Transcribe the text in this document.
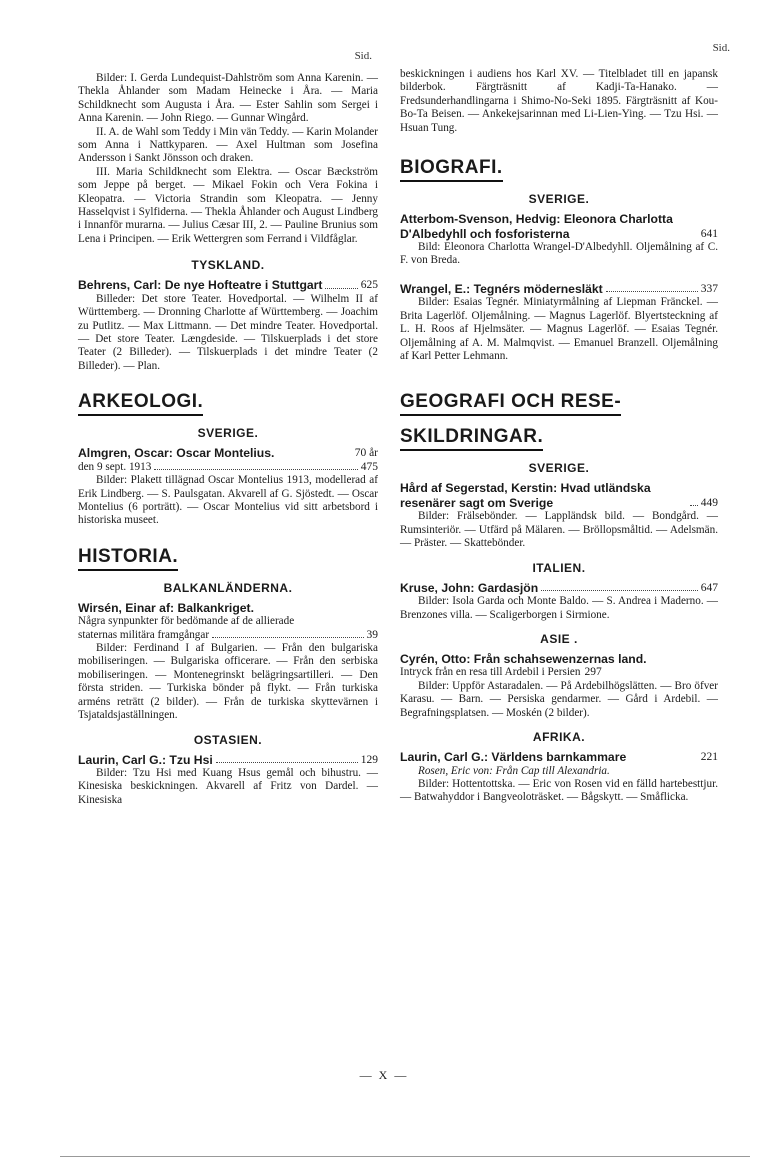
Sid.
Bilder: I. Gerda Lundequist-Dahlström som Anna Karenin. — Thekla Åhlander som Madam Heinecke i Åra. — Maria Schildknecht som Augusta i Åra. — Ester Sahlin som Sergei i Anna Karenin. — John Riego. — Gunnar Wingård.
II. A. de Wahl som Teddy i Min vän Teddy. — Karin Molander som Anna i Nattkyparen. — Axel Hultman som Josefina Andersson i Sankt Jönsson och draken.
III. Maria Schildknecht som Elektra. — Oscar Bæckström som Jeppe på berget. — Mikael Fokin och Vera Fokina i Kleopatra. — Victoria Strandin som Kleopatra. — Jenny Hasselqvist i Sylfiderna. — Thekla Åhlander och August Lindberg i Innanför murarna. — Julius Cæsar III, 2. — Pauline Brunius som Lena i Principen. — Erik Wettergren som Ferrand i Vildfåglar.
TYSKLAND.
Behrens, Carl: De nye Hofteatre i Stuttgart	625
Billeder: Det store Teater. Hovedportal. — Wilhelm II af Württemberg. — Dronning Charlotte af Württemberg. — Joachim zu Putlitz. — Max Littmann. — Det mindre Teater. Hovedportal. — Det store Teater. Længdeside. — Tilskuerplads i det store Teater (2 Billeder). — Tilskuerplads i det mindre Teater (2 Billeder). — Plan.
ARKEOLOGI.
SVERIGE.
Almgren, Oscar: Oscar Montelius.	70 år
den 9 sept. 1913	475
Bilder: Plakett tillägnad Oscar Montelius 1913, modellerad af Erik Lindberg. — S. Paulsgatan. Akvarell af G. Sjöstedt. — Oscar Montelius (6 porträtt). — Oscar Montelius vid sitt arbetsbord i historiska museet.
HISTORIA.
BALKANLÄNDERNA.
Wirsén, Einar af: Balkankriget.
Några synpunkter för bedömande af de allierade
staternas militära framgångar	39
Bilder: Ferdinand I af Bulgarien. — Från den bulgariska mobiliseringen. — Bulgariska officerare. — Från den serbiska mobiliseringen. — Montenegrinskt belägringsartilleri. — Den första striden. — Turkiska bönder på flykt. — Från turkiska arméns reträtt (2 bilder). — Från de turkiska skyttevärnen i Tsjataldsjaställningen.
OSTASIEN.
Laurin, Carl G.: Tzu Hsi	129
Bilder: Tzu Hsi med Kuang Hsus gemål och bihustru. — Kinesiska beskickningen. Akvarell af Fritz von Dardel. — Kinesiska
Sid.
beskickningen i audiens hos Karl XV. — Titelbladet till en japansk bilderbok. Färgträsnitt af Kadji-Ta-Hanako. — Fredsunderhandlingarna i Shimo-No-Seki 1895. Färgträsnitt af Kou-Bo-Ta Beisen. — Ankekejsarinnan med Li-Lien-Ying. — Tzu Hsi. — Hsuan Tung.
BIOGRAFI.
SVERIGE.
Atterbom-Svenson, Hedvig: Eleonora Charlotta D'Albedyhll och fosforisterna	641
Bild: Eleonora Charlotta Wrangel-D'Albedyhll. Oljemålning af C. F. von Breda.
Wrangel, E.: Tegnérs mödernesläkt	337
Bilder: Esaias Tegnér. Miniatyrmålning af Liepman Fränckel. — Brita Lagerlöf. Oljemålning. — Magnus Lagerlöf. Blyertsteckning af L. H. Roos af Hjelmsäter. — Magnus Lagerlöf. — Esaias Tegnér. Oljemålning af A. M. Malmqvist. — Emanuel Branzell. Oljemålning af Karl Petter Lehmann.
GEOGRAFI OCH RESE-
SKILDRINGAR.
SVERIGE.
Hård af Segerstad, Kerstin: Hvad utländska resenärer sagt om Sverige	449
Bilder: Frälsebönder. — Lappländsk bild. — Bondgård. — Rumsinteriör. — Utfärd på Mälaren. — Bröllopsmåltid. — Adelsmän. — Präster. — Skattebönder.
ITALIEN.
Kruse, John: Gardasjön	647
Bilder: Isola Garda och Monte Baldo. — S. Andrea i Maderno. — Brenzones villa. — Scaligerborgen i Sirmione.
ASIE .
Cyrén, Otto: Från schahsewenzernas land.
Intryck från en resa till Ardebil i Persien 297
Bilder: Uppför Astaradalen. — På Ardebilhögslätten. — Bro öfver Karasu. — Barn. — Persiska gendarmer. — Gård i Ardebil. — Begrafningsplatsen. — Moskén (2 bilder).
AFRIKA.
Laurin, Carl G.: Världens barnkammare	221
Rosen, Eric von: Från Cap till Alexandria.
Bilder: Hottentottska. — Eric von Rosen vid en fälld hartebesttjur. — Batwahyddor i Bangveoloträsket. — Bågskytt. — Småflicka.
— X —
